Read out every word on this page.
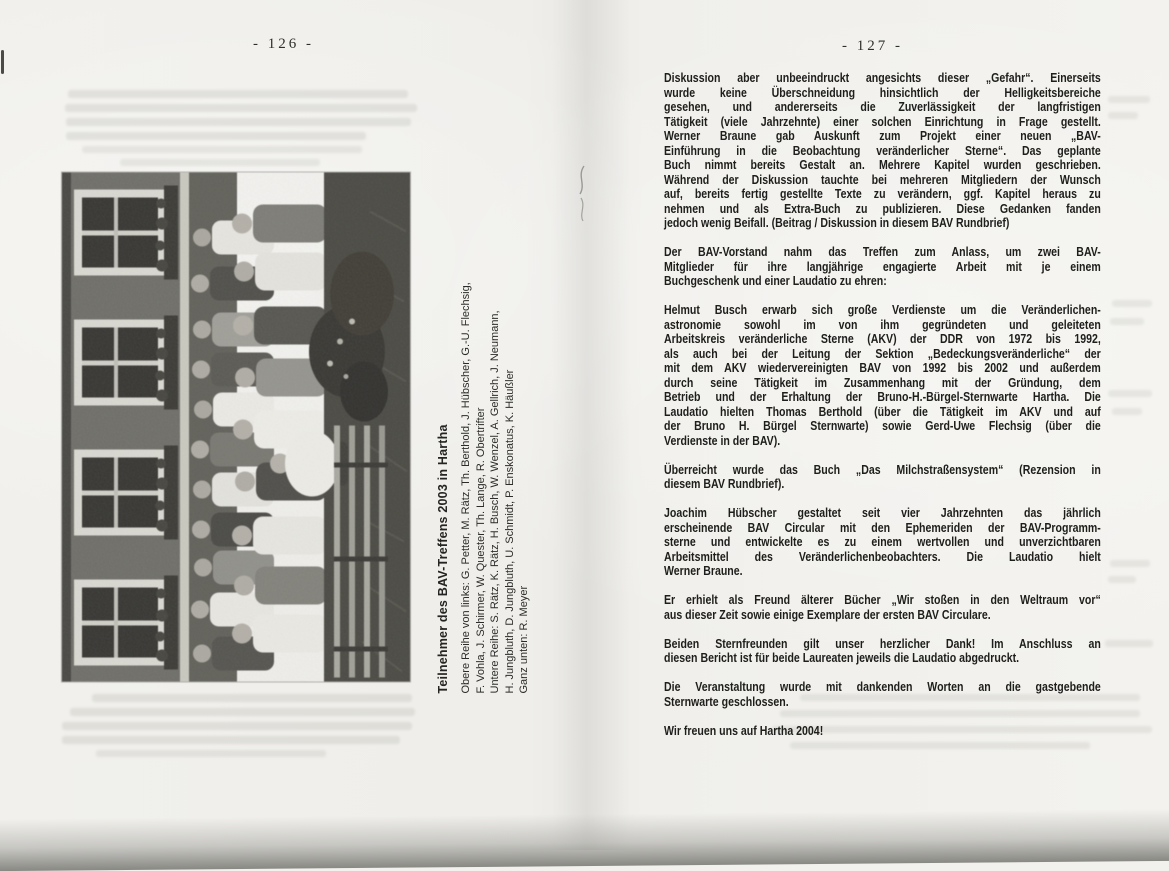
- 126 -	- 127 -
Teilnehmer des BAV-Treffens 2003 in Hartha Obere Reihe von links: G. Petter, M. Rätz, Th. Berthold, J. Hübscher, G.-U. Flechsig, F. Vohla, J. Schirmer, W. Quester, Th. Lange, R. Obertrifter Untere Reihe: S. Rätz, K. Rätz, H. Busch, W. Wenzel, A. Gellrich, J. Neumann, H. Jungbluth, D. Jungbluth, U. Schmidt, P. Enskonatus, K. Häußler Ganz unten: R. Meyer
Diskussion aber unbeeindruckt angesichts dieser „Gefahr“. Einerseits
wurde keine Überschneidung hinsichtlich der Helligkeitsbereiche
gesehen, und andererseits die Zuverlässigkeit der langfristigen
Tätigkeit (viele Jahrzehnte) einer solchen Einrichtung in Frage gestellt.
Werner Braune gab Auskunft zum Projekt einer neuen „BAV-
Einführung in die Beobachtung veränderlicher Sterne“. Das geplante
Buch nimmt bereits Gestalt an. Mehrere Kapitel wurden geschrieben.
Während der Diskussion tauchte bei mehreren Mitgliedern der Wunsch
auf, bereits fertig gestellte Texte zu verändern, ggf. Kapitel heraus zu
nehmen und als Extra-Buch zu publizieren. Diese Gedanken fanden
jedoch wenig Beifall. (Beitrag / Diskussion in diesem BAV Rundbrief)
Der BAV-Vorstand nahm das Treffen zum Anlass, um zwei BAV-
Mitglieder für ihre langjährige engagierte Arbeit mit je einem
Buchgeschenk und einer Laudatio zu ehren:
Helmut Busch erwarb sich große Verdienste um die Veränderlichen-
astronomie sowohl im von ihm gegründeten und geleiteten
Arbeitskreis veränderliche Sterne (AKV) der DDR von 1972 bis 1992,
als auch bei der Leitung der Sektion „Bedeckungsveränderliche“ der
mit dem AKV wiedervereinigten BAV von 1992 bis 2002 und außerdem
durch seine Tätigkeit im Zusammenhang mit der Gründung, dem
Betrieb und der Erhaltung der Bruno-H.-Bürgel-Sternwarte Hartha. Die
Laudatio hielten Thomas Berthold (über die Tätigkeit im AKV und auf
der Bruno H. Bürgel Sternwarte) sowie Gerd-Uwe Flechsig (über die
Verdienste in der BAV).
Überreicht wurde das Buch „Das Milchstraßensystem“ (Rezension in
diesem BAV Rundbrief).
Joachim Hübscher gestaltet seit vier Jahrzehnten das jährlich
erscheinende BAV Circular mit den Ephemeriden der BAV-Programm-
sterne und entwickelte es zu einem wertvollen und unverzichtbaren
Arbeitsmittel des Veränderlichenbeobachters. Die Laudatio hielt
Werner Braune.
Er erhielt als Freund älterer Bücher „Wir stoßen in den Weltraum vor“
aus dieser Zeit sowie einige Exemplare der ersten BAV Circulare.
Beiden Sternfreunden gilt unser herzlicher Dank! Im Anschluss an
diesen Bericht ist für beide Laureaten jeweils die Laudatio abgedruckt.
Die Veranstaltung wurde mit dankenden Worten an die gastgebende
Sternwarte geschlossen.
Wir freuen uns auf Hartha 2004!
